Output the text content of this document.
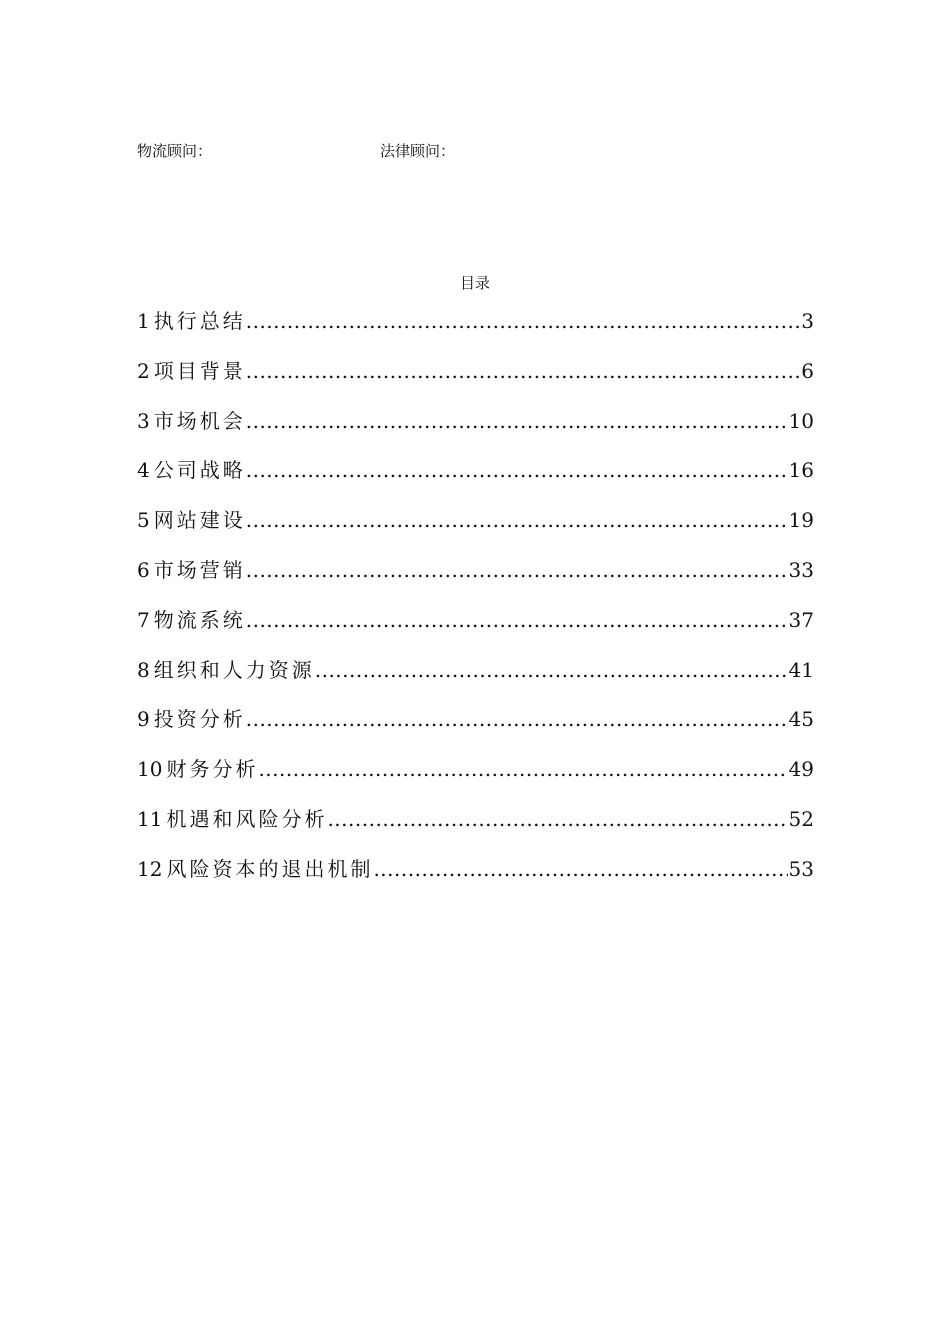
物流顾问：	法律顾问：
目录
1 执行总结 .....	3
2 项目背景 .....	6
3 市场机会 .....	10
4 公司战略 .....	16
5 网站建设 .....	19
6 市场营销 .....	33
7 物流系统 .....	37
8 组织和人力资源 .....	41
9 投资分析 .....	45
10 财务分析 .....	49
11 机遇和风险分析 .....	52
12 风险资本的退出机制 .....	53
